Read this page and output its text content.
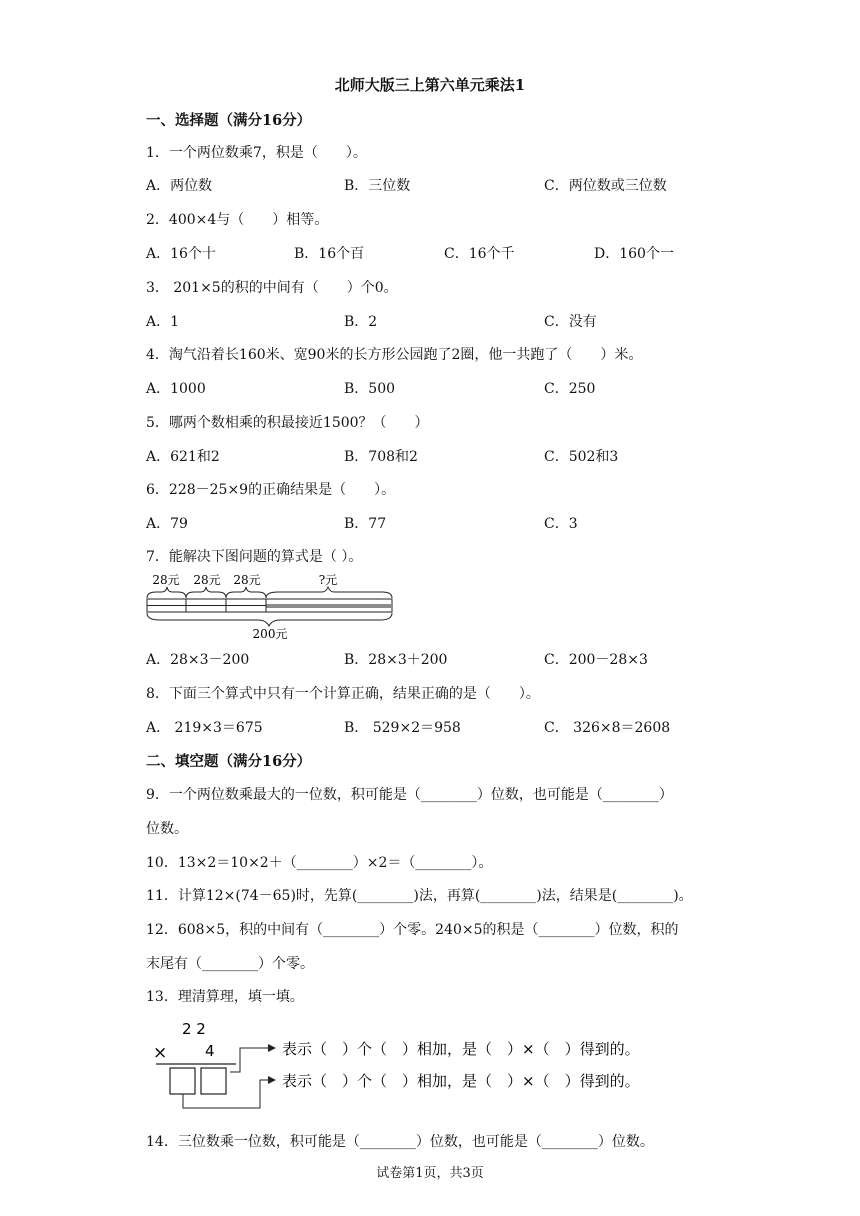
北师大版三上第六单元乘法1
一、选择题（满分16分）
1．一个两位数乘7，积是（　　）。
A．两位数	B．三位数	C．两位数或三位数
2．400×4与（　　）相等。
A．16个十	B．16个百	C．16个千	D．160个一
3． 201×5的积的中间有（　　）个0。
A．1	B．2	C．没有
4．淘气沿着长160米、宽90米的长方形公园跑了2圈，他一共跑了（　　）米。
A．1000	B．500	C．250
5．哪两个数相乘的积最接近1500？（　　）
A．621和2	B．708和2	C．502和3
6．228－25×9的正确结果是（　　）。
A．79	B．77	C．3
7．能解决下图问题的算式是（ ）。
28元 28元 28元	?元
200元
A．28×3－200	B．28×3＋200	C．200－28×3
8．下面三个算式中只有一个计算正确，结果正确的是（　　）。
A． 219×3＝675	B． 529×2＝958	C． 326×8＝2608
二、填空题（满分16分）
9．一个两位数乘最大的一位数，积可能是（________）位数，也可能是（________）
位数。
10．13×2＝10×2＋（________）×2＝（________）。
11．计算12×(74－65)时，先算(________)法，再算(________)法，结果是(________)。
12．608×5，积的中间有（________）个零。240×5的积是（________）位数，积的
末尾有（________）个零。
13．理清算理，填一填。
2 2
×	4	表示（　）个（　）相加，是（　）×（　）得到的。
表示（　）个（　）相加，是（　）×（　）得到的。
14．三位数乘一位数，积可能是（________）位数，也可能是（________）位数。
试卷第1页，共3页
